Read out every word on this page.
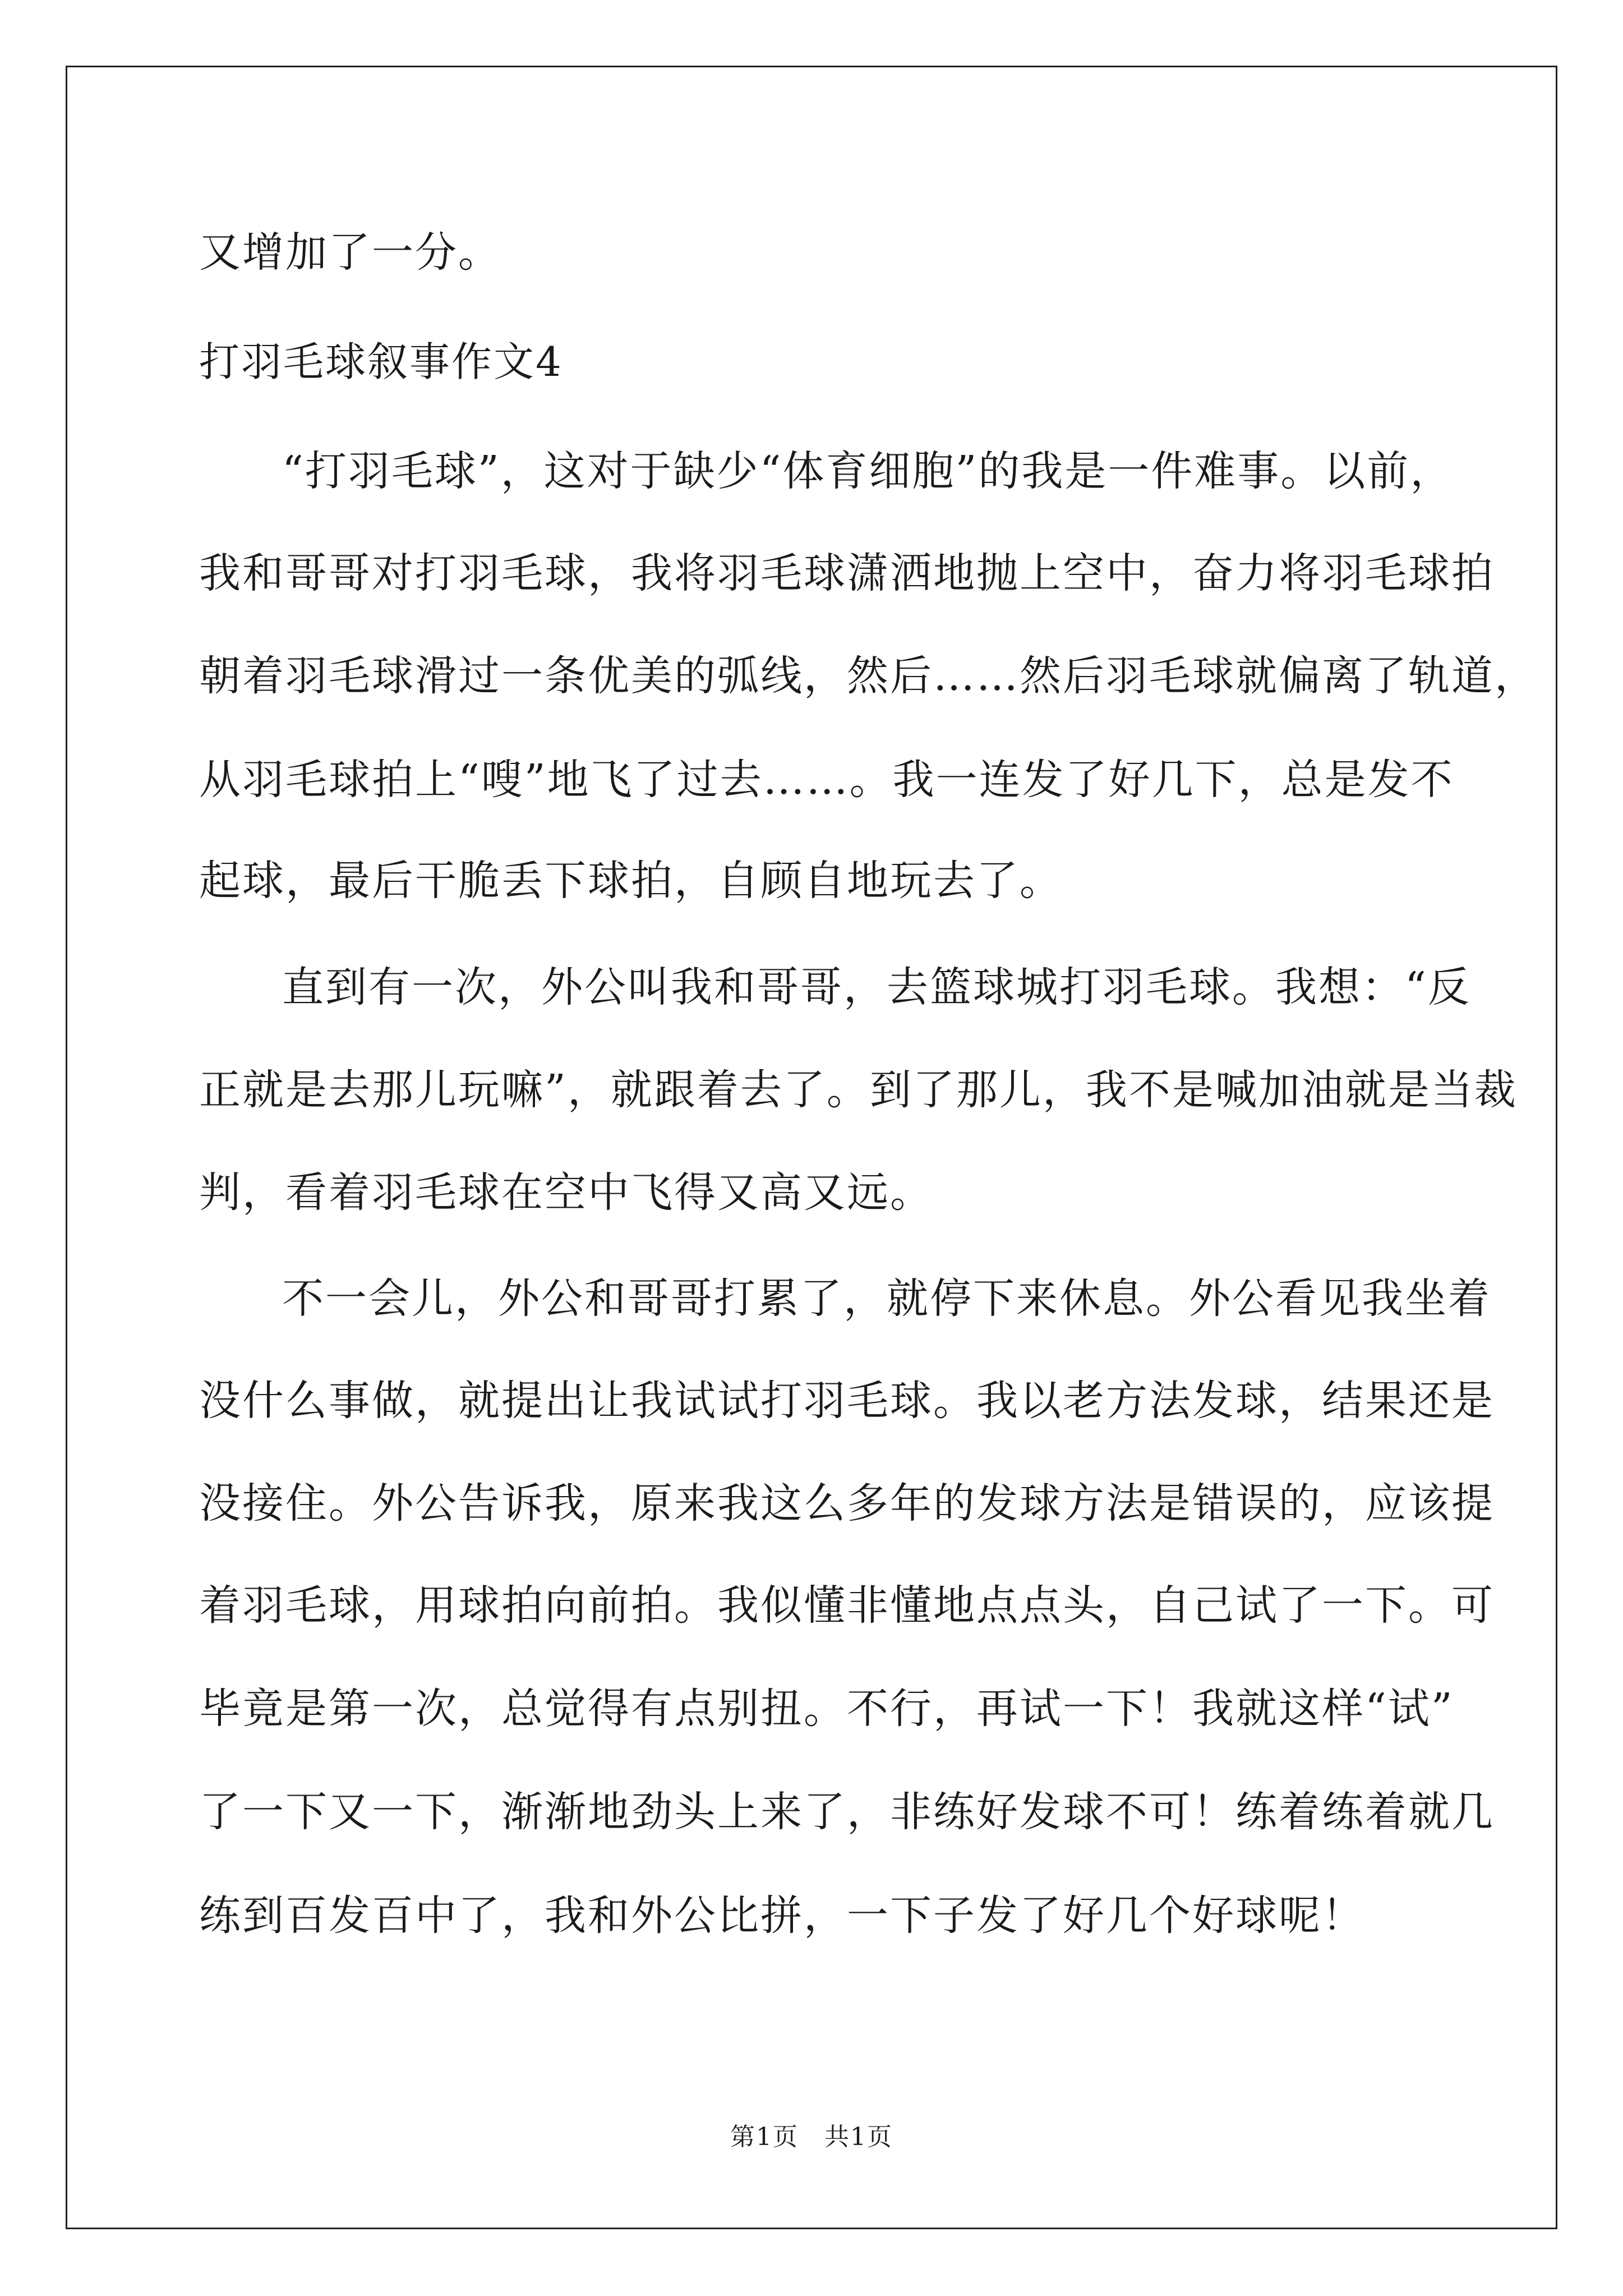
又增加了一分。
打羽毛球叙事作文4
“打羽毛球”，这对于缺少“体育细胞”的我是一件难事。以前，
我和哥哥对打羽毛球，我将羽毛球潇洒地抛上空中，奋力将羽毛球拍
朝着羽毛球滑过一条优美的弧线，然后……然后羽毛球就偏离了轨道，
从羽毛球拍上“嗖”地飞了过去……。我一连发了好几下，总是发不
起球，最后干脆丢下球拍，自顾自地玩去了。
直到有一次，外公叫我和哥哥，去篮球城打羽毛球。我想：“反
正就是去那儿玩嘛”，就跟着去了。到了那儿，我不是喊加油就是当裁
判，看着羽毛球在空中飞得又高又远。
不一会儿，外公和哥哥打累了，就停下来休息。外公看见我坐着
没什么事做，就提出让我试试打羽毛球。我以老方法发球，结果还是
没接住。外公告诉我，原来我这么多年的发球方法是错误的，应该提
着羽毛球，用球拍向前拍。我似懂非懂地点点头，自己试了一下。可
毕竟是第一次，总觉得有点别扭。不行，再试一下！我就这样“试”
了一下又一下，渐渐地劲头上来了，非练好发球不可！练着练着就几
练到百发百中了，我和外公比拼，一下子发了好几个好球呢！
第1页　共1页
